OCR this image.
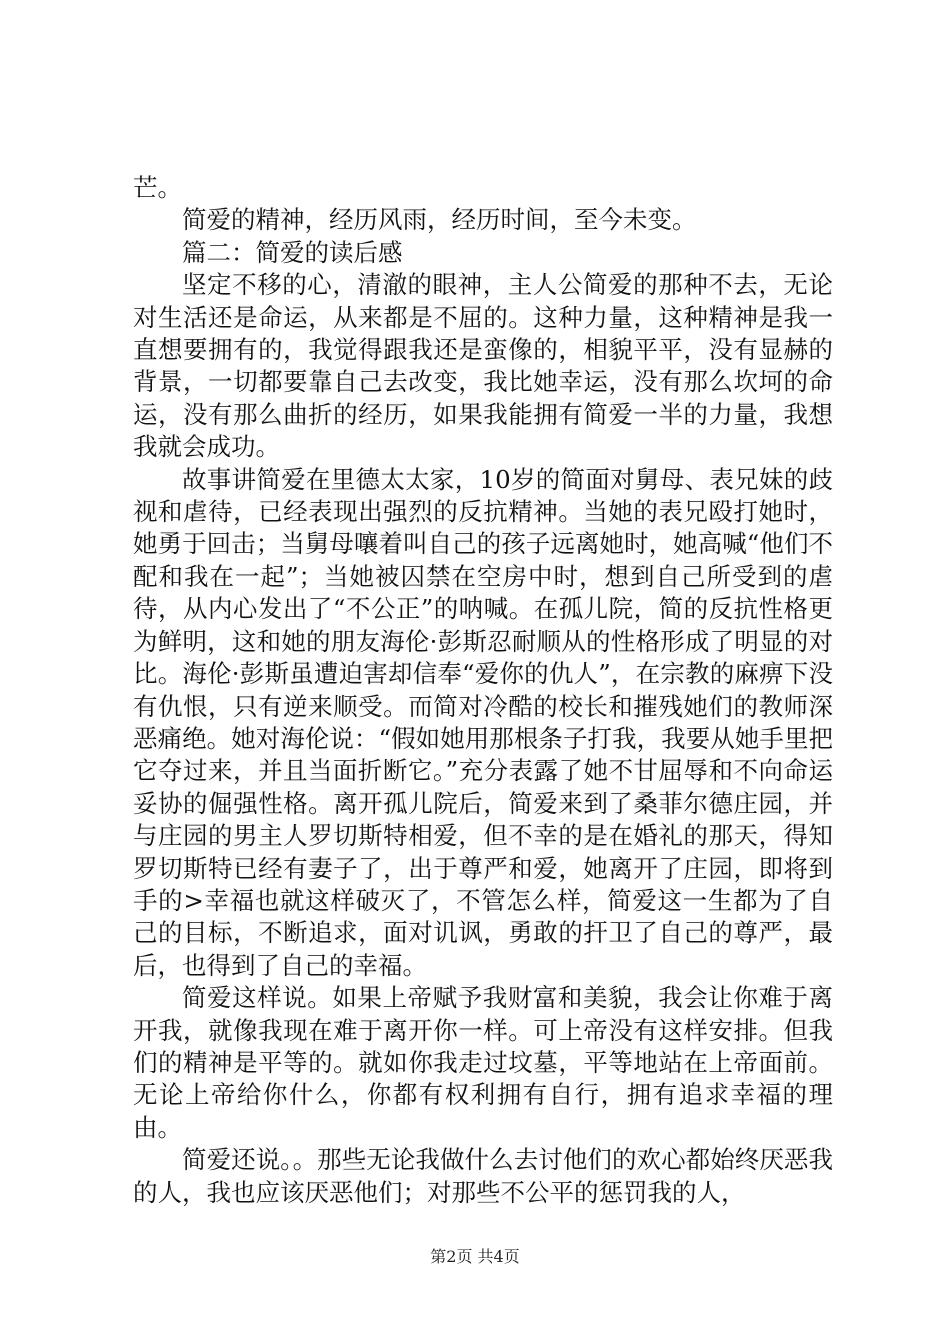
芒。

简爱的精神，经历风雨，经历时间，至今未变。

篇二：简爱的读后感

坚定不移的心，清澈的眼神，主人公简爱的那种不去，无论对生活还是命运，从来都是不屈的。这种力量，这种精神是我一直想要拥有的，我觉得跟我还是蛮像的，相貌平平，没有显赫的背景，一切都要靠自己去改变，我比她幸运，没有那么坎坷的命运，没有那么曲折的经历，如果我能拥有简爱一半的力量，我想我就会成功。

故事讲简爱在里德太太家，10岁的简面对舅母、表兄妹的歧视和虐待，已经表现出强烈的反抗精神。当她的表兄殴打她时，她勇于回击；当舅母嚷着叫自己的孩子远离她时，她高喊“他们不配和我在一起”；当她被囚禁在空房中时，想到自己所受到的虐待，从内心发出了“不公正”的呐喊。在孤儿院，简的反抗性格更为鲜明，这和她的朋友海伦·彭斯忍耐顺从的性格形成了明显的对比。海伦·彭斯虽遭迫害却信奉“爱你的仇人”，在宗教的麻痹下没有仇恨，只有逆来顺受。而简对冷酷的校长和摧残她们的教师深恶痛绝。她对海伦说：“假如她用那根条子打我，我要从她手里把它夺过来，并且当面折断它。”充分表露了她不甘屈辱和不向命运妥协的倔强性格。离开孤儿院后，简爱来到了桑菲尔德庄园，并与庄园的男主人罗切斯特相爱，但不幸的是在婚礼的那天，得知罗切斯特已经有妻子了，出于尊严和爱，她离开了庄园，即将到手的>幸福也就这样破灭了，不管怎么样，简爱这一生都为了自己的目标，不断追求，面对讥讽，勇敢的扞卫了自己的尊严，最后，也得到了自己的幸福。

简爱这样说。如果上帝赋予我财富和美貌，我会让你难于离开我，就像我现在难于离开你一样。可上帝没有这样安排。但我们的精神是平等的。就如你我走过坟墓，平等地站在上帝面前。无论上帝给你什么，你都有权利拥有自行，拥有追求幸福的理由。

简爱还说。。那些无论我做什么去讨他们的欢心都始终厌恶我的人，我也应该厌恶他们；对那些不公平的惩罚我的人，

第2页 共4页
